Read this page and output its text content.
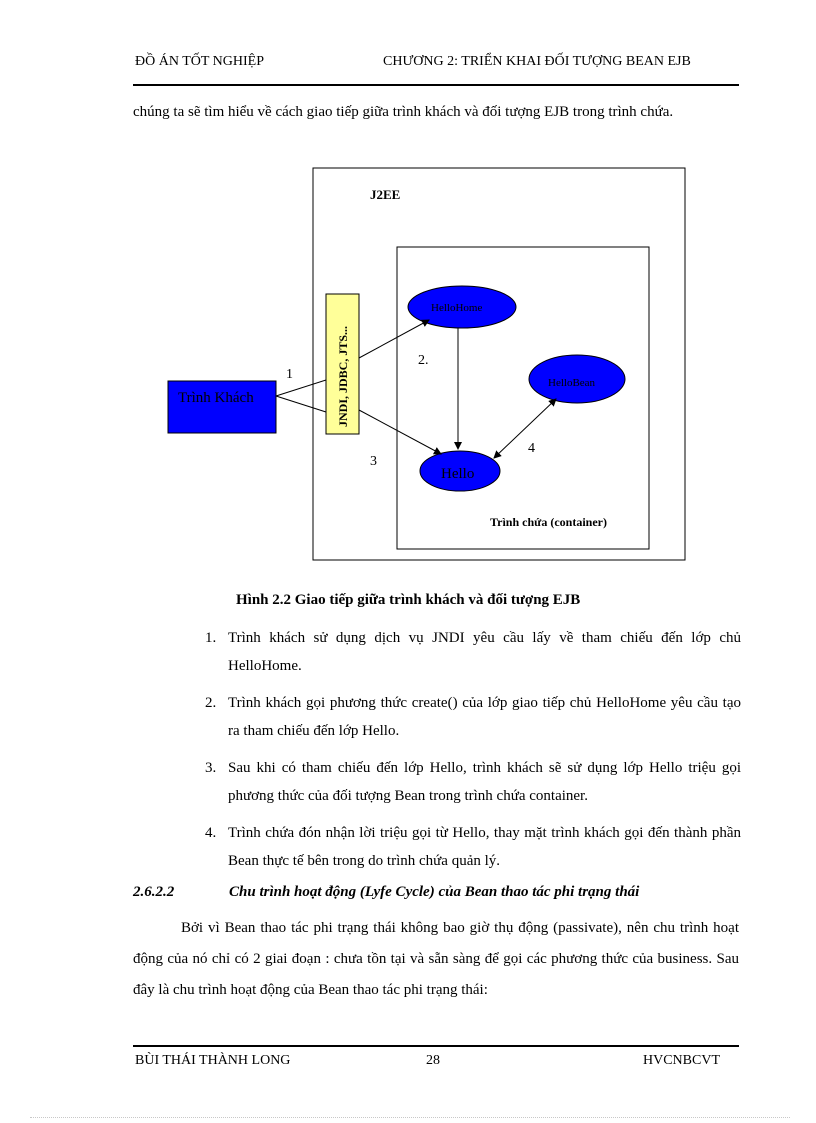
ĐỒ ÁN TỐT NGHIỆP	CHƯƠNG 2: TRIỂN KHAI ĐỐI TƯỢNG BEAN EJB
chúng ta sẽ tìm hiểu về cách giao tiếp giữa trình khách và đối tượng EJB trong trình chứa.
J2EE
Trình chứa (container)
Trình Khách	JNDI, JDBC, JTS...
HelloHome
HelloBean
Hello
1
2.
3
4
Hình 2.2 Giao tiếp giữa trình khách và đối tượng EJB
1. Trình khách sử dụng dịch vụ JNDI yêu cầu lấy về tham chiếu đến lớp chủ HelloHome.
2. Trình khách gọi phương thức create() của lớp giao tiếp chủ HelloHome yêu cầu tạo ra tham chiếu đến lớp Hello.
3. Sau khi có tham chiếu đến lớp Hello, trình khách sẽ sử dụng lớp Hello triệu gọi phương thức của đối tượng Bean trong trình chứa container.
4. Trình chứa đón nhận lời triệu gọi từ Hello, thay mặt trình khách gọi đến thành phần Bean thực tế bên trong do trình chứa quản lý.
2.6.2.2	Chu trình hoạt động (Lyfe Cycle) của Bean thao tác phi trạng thái
Bởi vì Bean thao tác phi trạng thái không bao giờ thụ động (passivate), nên chu trình hoạt động của nó chỉ có 2 giai đoạn : chưa tồn tại và sẵn sàng để gọi các phương thức của business. Sau đây là chu trình hoạt động của Bean thao tác phi trạng thái:
BÙI THÁI THÀNH LONG	28	HVCNBCVT
